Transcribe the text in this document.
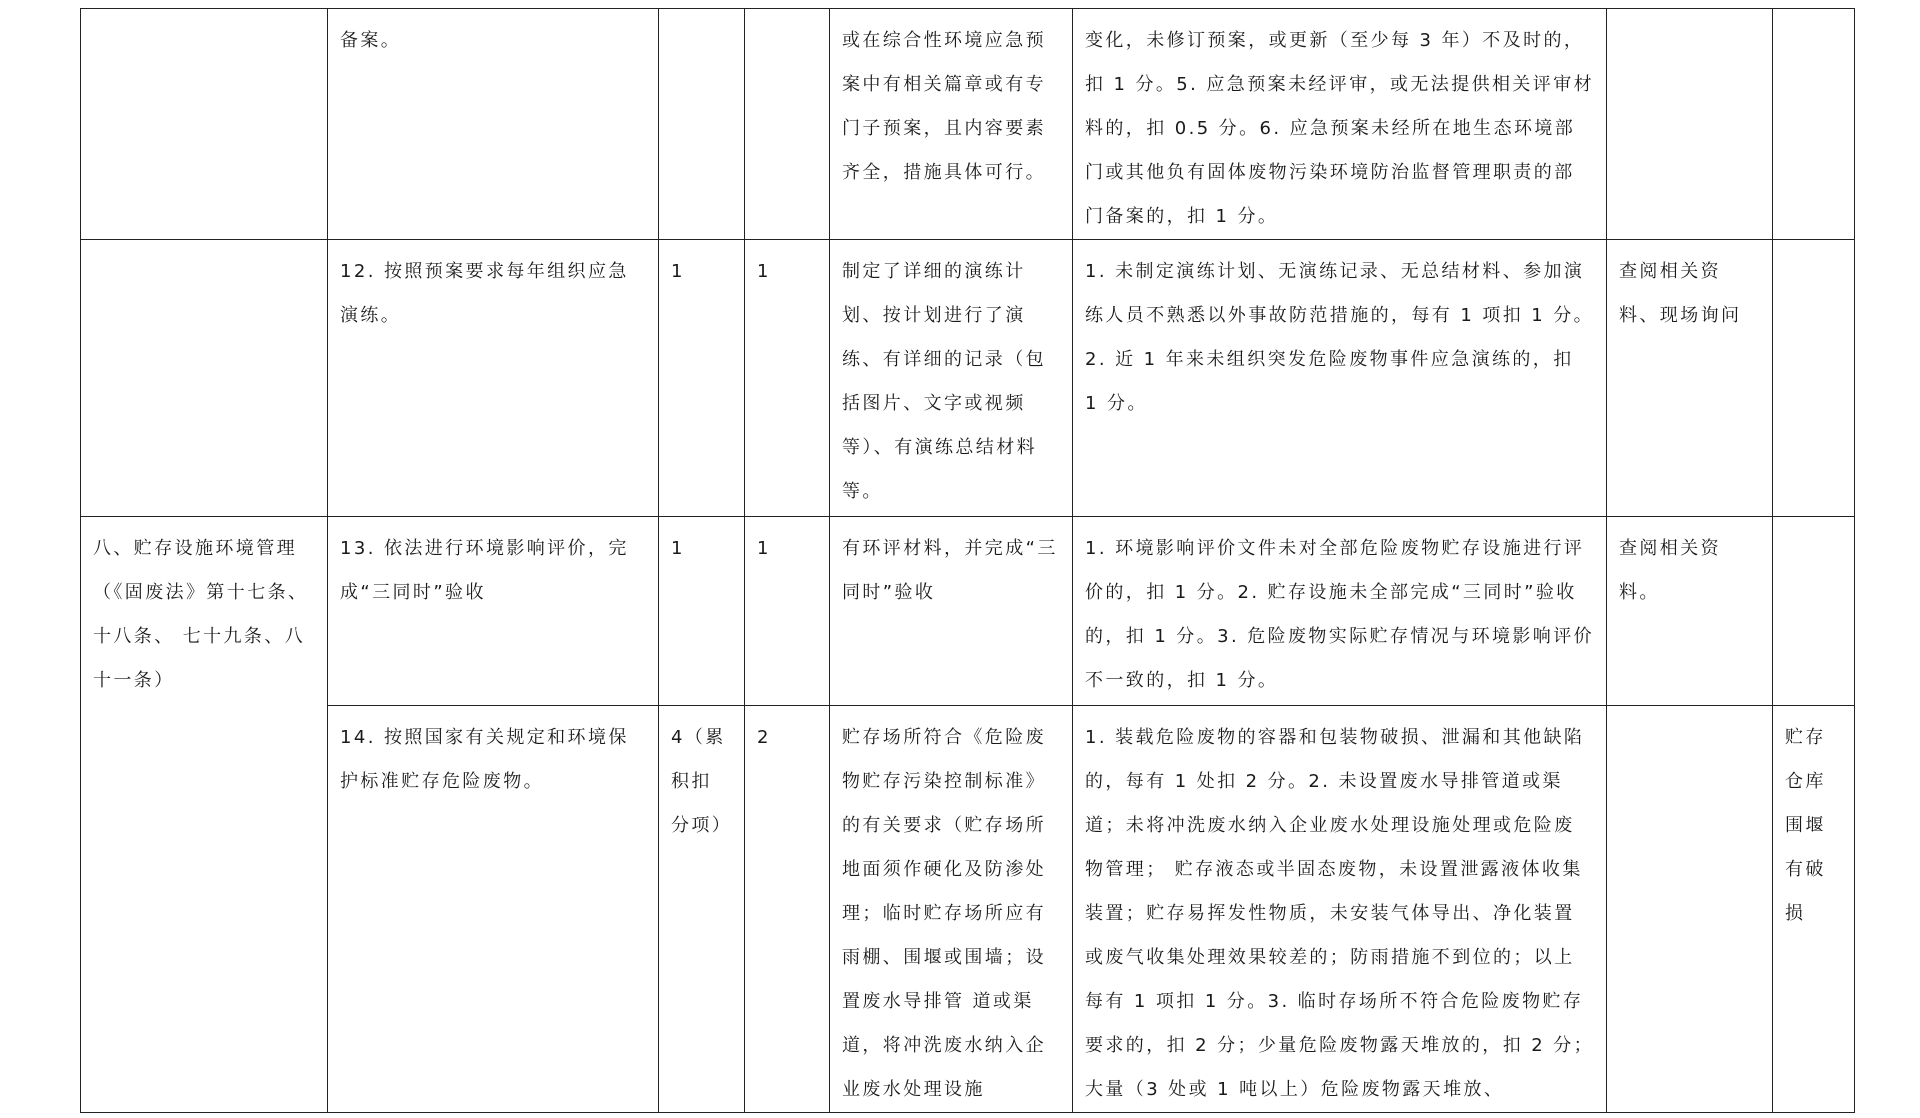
	备案。			或在综合性环境应急预案中有相关篇章或有专门子预案，且内容要素齐全，措施具体可行。	变化，未修订预案，或更新（至少每 3 年）不及时的，扣 1 分。5. 应急预案未经评审，或无法提供相关评审材料的，扣 0.5 分。6. 应急预案未经所在地生态环境部门或其他负有固体废物污染环境防治监督管理职责的部门备案的，扣 1 分。		
	12. 按照预案要求每年组织应急演练。	1	1	制定了详细的演练计划、按计划进行了演练、有详细的记录（包括图片、文字或视频等）、有演练总结材料等。	1. 未制定演练计划、无演练记录、无总结材料、参加演练人员不熟悉以外事故防范措施的，每有 1 项扣 1 分。2. 近 1 年来未组织突发危险废物事件应急演练的，扣 1 分。	查阅相关资料、现场询问	
八、贮存设施环境管理（《固废法》第十七条、十八条、 七十九条、八十一条）	13. 依法进行环境影响评价，完成“三同时”验收	1	1	有环评材料，并完成“三同时”验收	1. 环境影响评价文件未对全部危险废物贮存设施进行评价的，扣 1 分。2. 贮存设施未全部完成“三同时”验收的，扣 1 分。3. 危险废物实际贮存情况与环境影响评价不一致的，扣 1 分。	查阅相关资料。	
	14. 按照国家有关规定和环境保护标准贮存危险废物。	4（累积扣分项）	2	贮存场所符合《危险废物贮存污染控制标准》的有关要求（贮存场所地面须作硬化及防渗处理；临时贮存场所应有雨棚、围堰或围墙；设置废水导排管 道或渠道，将冲洗废水纳入企业废水处理设施	1. 装载危险废物的容器和包装物破损、泄漏和其他缺陷的，每有 1 处扣 2 分。2. 未设置废水导排管道或渠道；未将冲洗废水纳入企业废水处理设施处理或危险废物管理； 贮存液态或半固态废物，未设置泄露液体收集装置；贮存易挥发性物质，未安装气体导出、净化装置或废气收集处理效果较差的；防雨措施不到位的；以上每有 1 项扣 1 分。3. 临时存场所不符合危险废物贮存要求的，扣 2 分；少量危险废物露天堆放的，扣 2 分；大量（3 处或 1 吨以上）危险废物露天堆放、		贮存仓库围堰有破损
